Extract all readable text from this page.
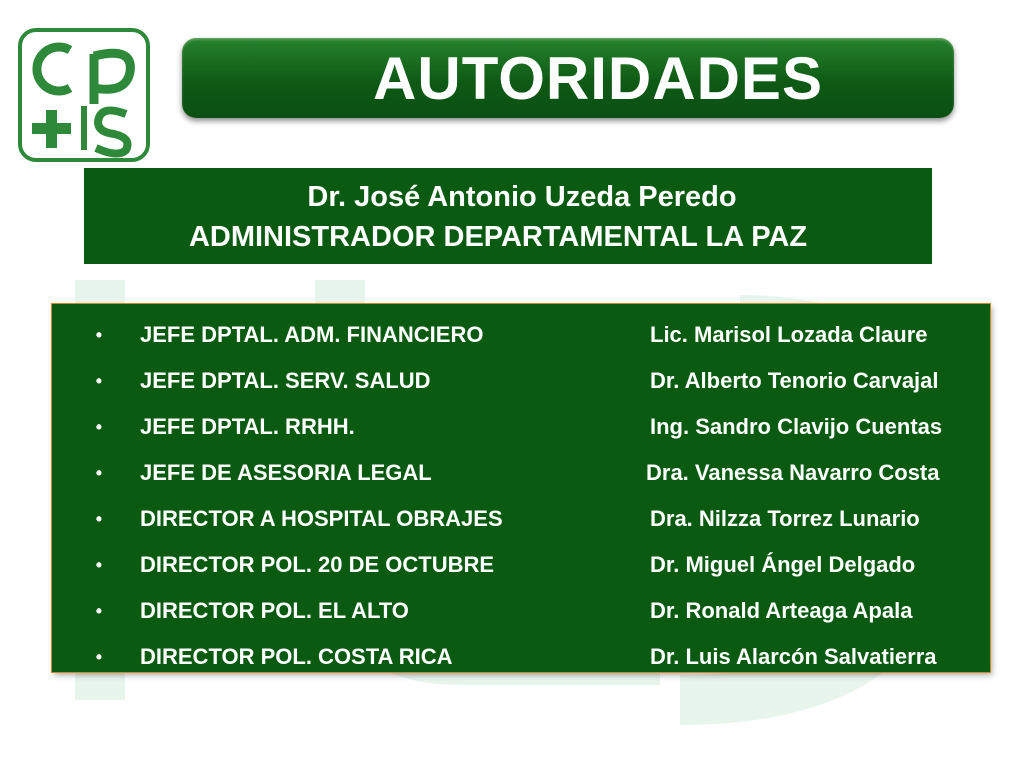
AUTORIDADES
Dr. José Antonio Uzeda Peredo
ADMINISTRADOR DEPARTAMENTAL LA PAZ
•	JEFE DPTAL. ADM. FINANCIERO	Lic. Marisol Lozada Claure
•	JEFE DPTAL. SERV. SALUD	Dr. Alberto Tenorio Carvajal
•	JEFE DPTAL. RRHH.	Ing. Sandro Clavijo Cuentas
•	JEFE DE ASESORIA LEGAL	Dra. Vanessa Navarro Costa
•	DIRECTOR A HOSPITAL OBRAJES	Dra. Nilzza Torrez Lunario
•	DIRECTOR POL. 20 DE OCTUBRE	Dr. Miguel Ángel Delgado
•	DIRECTOR POL. EL ALTO	Dr. Ronald Arteaga Apala
•	DIRECTOR POL. COSTA RICA	Dr. Luis Alarcón Salvatierra
